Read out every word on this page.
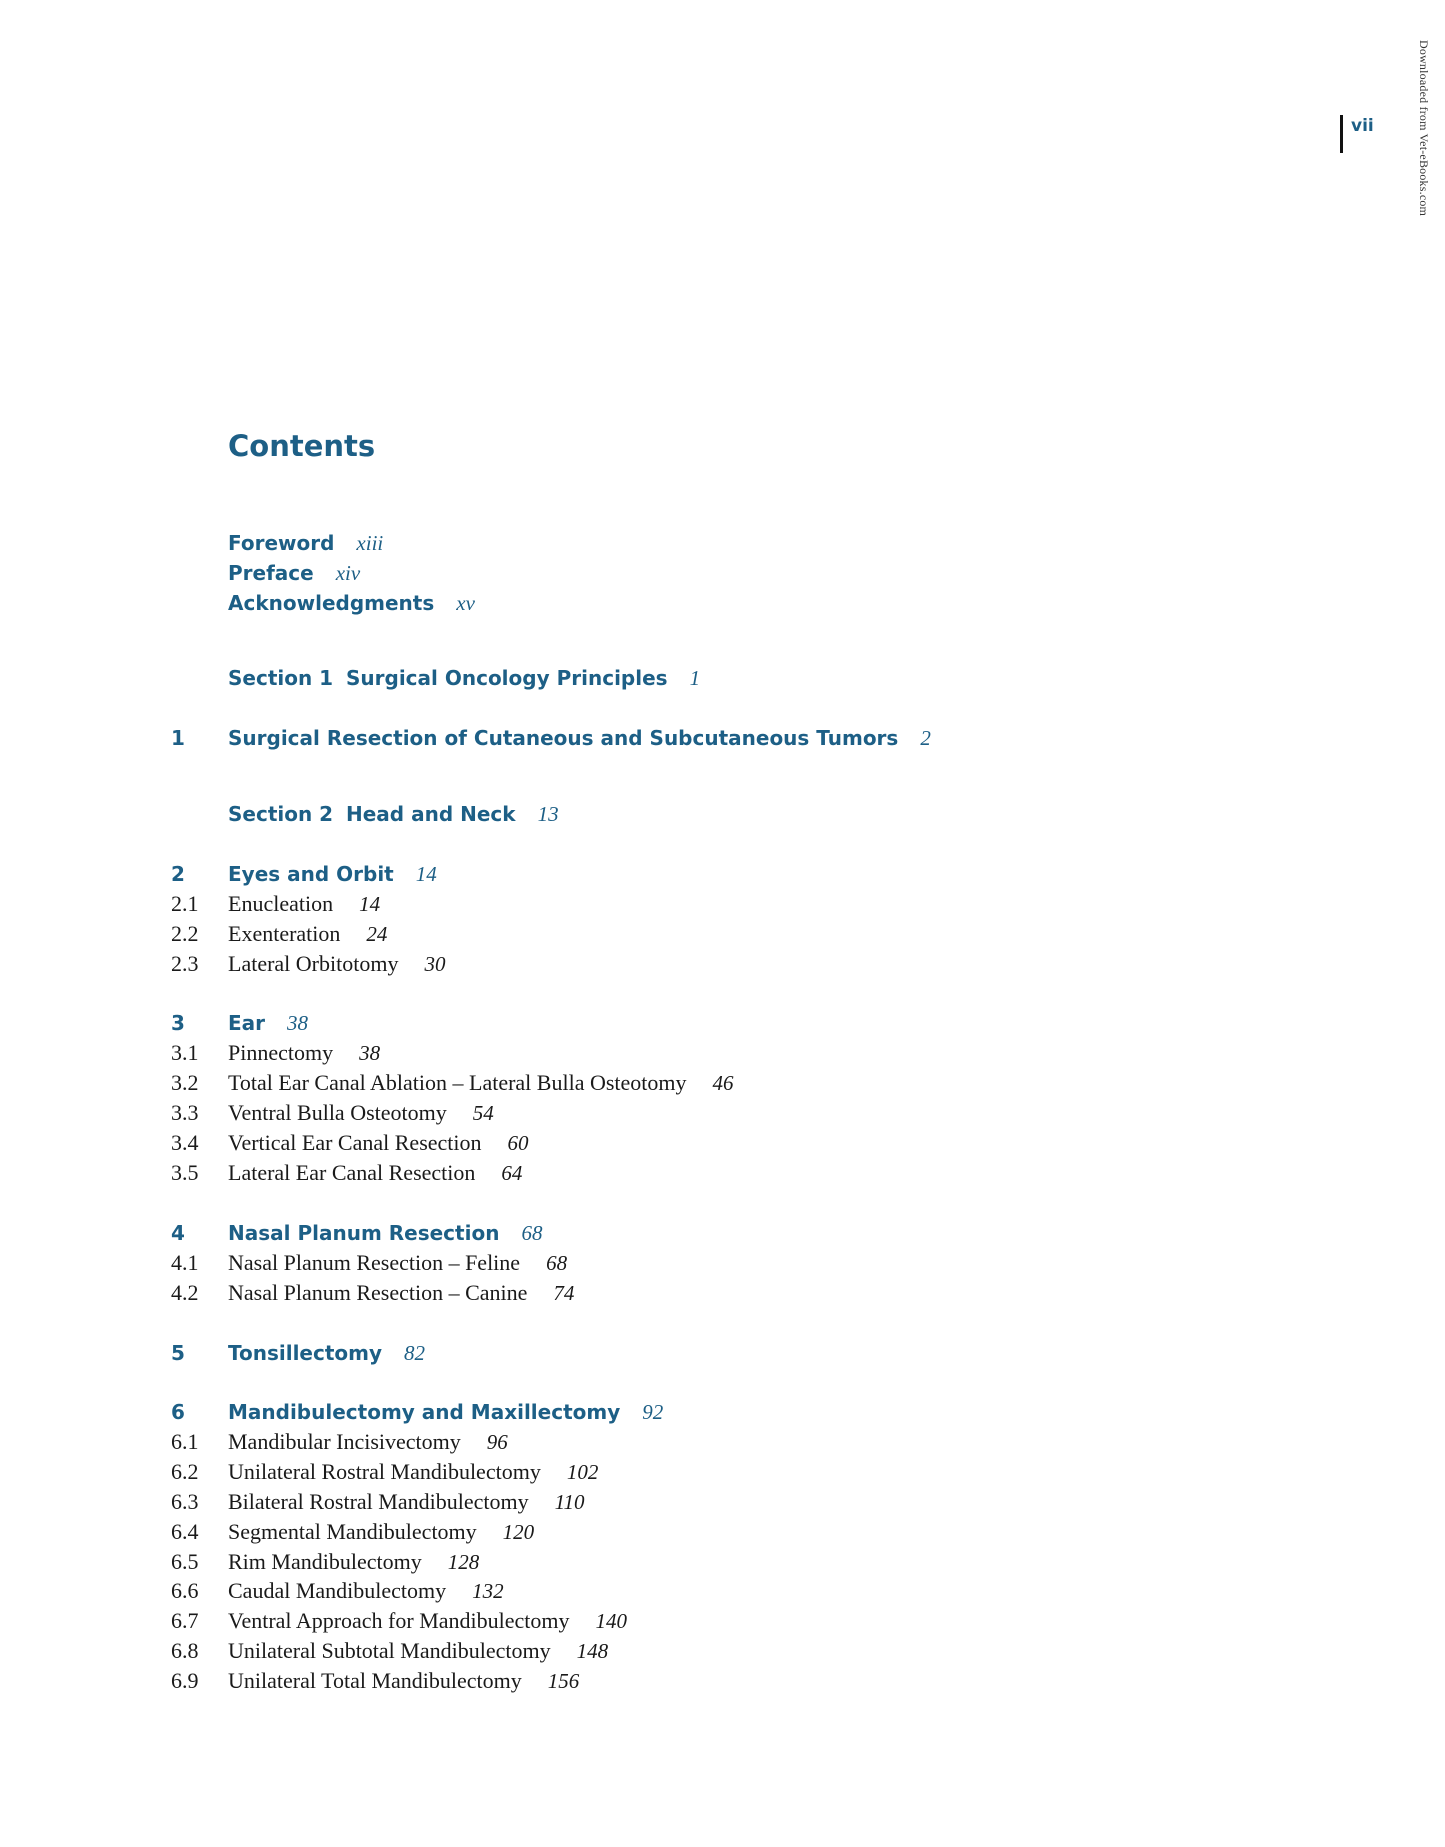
vii	Downloaded from Vet-eBooks.com
Contents
Foreword xiii
Preface xiv
Acknowledgments xv
Section 1 Surgical Oncology Principles 1
1 Surgical Resection of Cutaneous and Subcutaneous Tumors 2
Section 2 Head and Neck 13
2 Eyes and Orbit 14
2.1 Enucleation 14
2.2 Exenteration 24
2.3 Lateral Orbitotomy 30
3 Ear 38
3.1 Pinnectomy 38
3.2 Total Ear Canal Ablation – Lateral Bulla Osteotomy 46
3.3 Ventral Bulla Osteotomy 54
3.4 Vertical Ear Canal Resection 60
3.5 Lateral Ear Canal Resection 64
4 Nasal Planum Resection 68
4.1 Nasal Planum Resection – Feline 68
4.2 Nasal Planum Resection – Canine 74
5 Tonsillectomy 82
6 Mandibulectomy and Maxillectomy 92
6.1 Mandibular Incisivectomy 96
6.2 Unilateral Rostral Mandibulectomy 102
6.3 Bilateral Rostral Mandibulectomy 110
6.4 Segmental Mandibulectomy 120
6.5 Rim Mandibulectomy 128
6.6 Caudal Mandibulectomy 132
6.7 Ventral Approach for Mandibulectomy 140
6.8 Unilateral Subtotal Mandibulectomy 148
6.9 Unilateral Total Mandibulectomy 156
